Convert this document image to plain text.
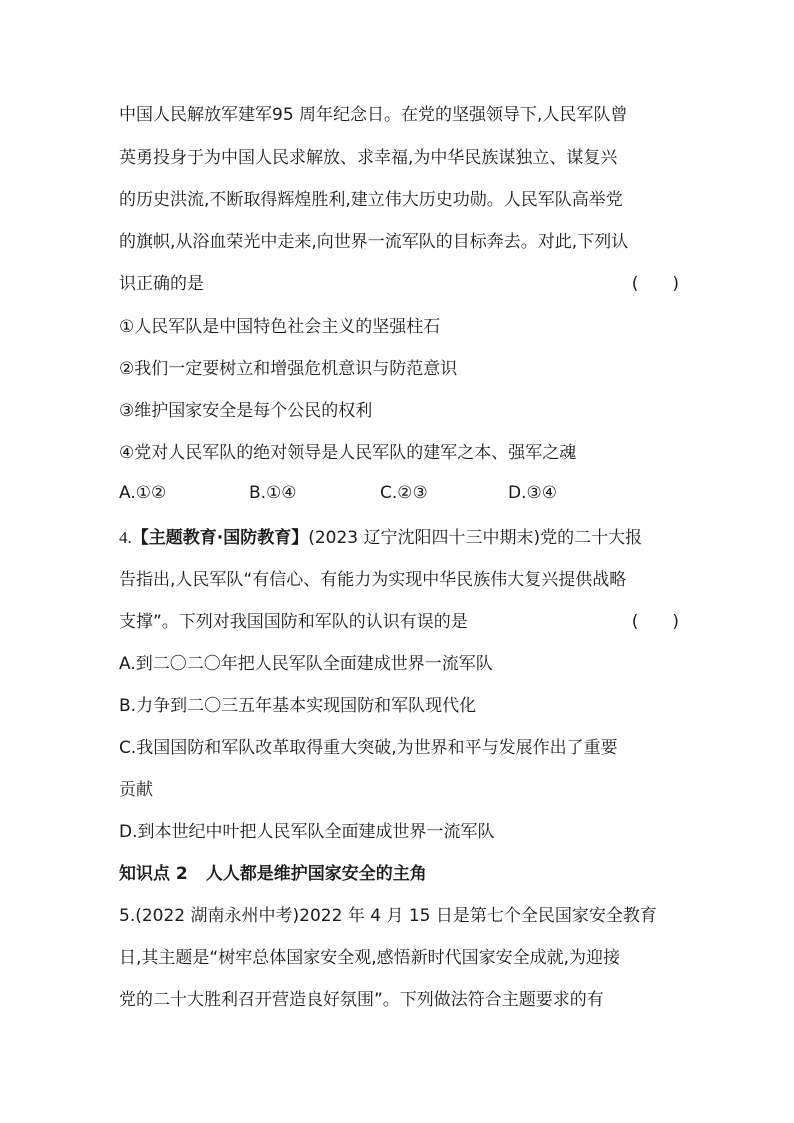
中国人民解放军建军95 周年纪念日。在党的坚强领导下,人民军队曾
英勇投身于为中国人民求解放、求幸福,为中华民族谋独立、谋复兴
的历史洪流,不断取得辉煌胜利,建立伟大历史功勋。人民军队高举党
的旗帜,从浴血荣光中走来,向世界一流军队的目标奔去。对此,下列认
识正确的是	(　　)
①人民军队是中国特色社会主义的坚强柱石
②我们一定要树立和增强危机意识与防范意识
③维护国家安全是每个公民的权利
④党对人民军队的绝对领导是人民军队的建军之本、强军之魂
A.①②	B.①④	C.②③	D.③④
4.【主题教育·国防教育】(2023 辽宁沈阳四十三中期末)党的二十大报
告指出,人民军队“有信心、有能力为实现中华民族伟大复兴提供战略
支撑”。下列对我国国防和军队的认识有误的是	(　　)
A.到二〇二〇年把人民军队全面建成世界一流军队
B.力争到二〇三五年基本实现国防和军队现代化
C.我国国防和军队改革取得重大突破,为世界和平与发展作出了重要
贡献
D.到本世纪中叶把人民军队全面建成世界一流军队
知识点 2 人人都是维护国家安全的主角
5.(2022 湖南永州中考)2022 年 4 月 15 日是第七个全民国家安全教育
日,其主题是“树牢总体国家安全观,感悟新时代国家安全成就,为迎接
党的二十大胜利召开营造良好氛围”。下列做法符合主题要求的有
